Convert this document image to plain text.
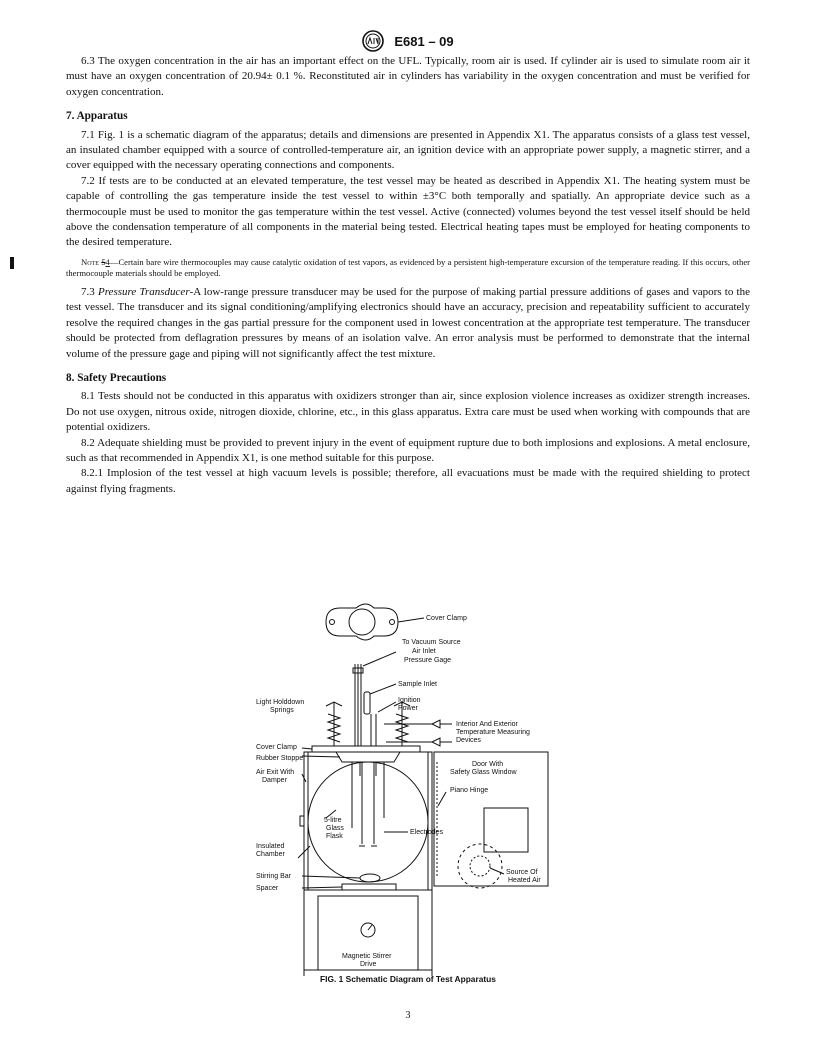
E681 – 09

6.3 The oxygen concentration in the air has an important effect on the UFL. Typically, room air is used. If cylinder air is used to simulate room air it must have an oxygen concentration of 20.94± 0.1 %. Reconstituted air in cylinders has variability in the oxygen concentration and must be verified for oxygen concentration.

7. Apparatus

7.1 Fig. 1 is a schematic diagram of the apparatus; details and dimensions are presented in Appendix X1. The apparatus consists of a glass test vessel, an insulated chamber equipped with a source of controlled-temperature air, an ignition device with an appropriate power supply, a magnetic stirrer, and a cover equipped with the necessary operating connections and components.

7.2 If tests are to be conducted at an elevated temperature, the test vessel may be heated as described in Appendix X1. The heating system must be capable of controlling the gas temperature inside the test vessel to within ±3°C both temporally and spatially. An appropriate device such as a thermocouple must be used to monitor the gas temperature within the test vessel. Active (connected) volumes beyond the test vessel itself should be held above the condensation temperature of all components in the material being tested. Electrical heating tapes must be employed for heating components to the desired temperature.

Note 54—Certain bare wire thermocouples may cause catalytic oxidation of test vapors, as evidenced by a persistent high-temperature excursion of the temperature reading. If this occurs, other thermocouple materials should be employed.

7.3 Pressure Transducer-A low-range pressure transducer may be used for the purpose of making partial pressure additions of gases and vapors to the test vessel. The transducer and its signal conditioning/amplifying electronics should have an accuracy, precision and repeatability sufficient to accurately resolve the required changes in the gas partial pressure for the component used in lowest concentration at the appropriate test temperature. The transducer should be protected from deflagration pressures by means of an isolation valve. An error analysis must be performed to demonstrate that the internal volume of the pressure gage and piping will not significantly affect the test mixture.

8. Safety Precautions

8.1 Tests should not be conducted in this apparatus with oxidizers stronger than air, since explosion violence increases as oxidizer strength increases. Do not use oxygen, nitrous oxide, nitrogen dioxide, chlorine, etc., in this glass apparatus. Extra care must be used when working with compounds that are potential oxidizers.

8.2 Adequate shielding must be provided to prevent injury in the event of equipment rupture due to both implosions and explosions. A metal enclosure, such as that recommended in Appendix X1, is one method suitable for this purpose.

8.2.1 Implosion of the test vessel at high vacuum levels is possible; therefore, all evacuations must be made with the required shielding to protect against flying fragments.

Cover Clamp
To Vacuum Source
Air Inlet
Pressure Gage
Sample Inlet
Ignition
Power
Light Holddown
Springs
Interior And Exterior
Temperature Measuring
Devices
Cover Clamp
Rubber Stopper
Air Exit With
Damper
Door With
Safety Glass Window
Piano Hinge
5-litre
Glass
Flask
Electrodes
Insulated
Chamber
Stirring Bar
Spacer
Source Of
Heated Air
Magnetic Stirrer
Drive
FIG. 1 Schematic Diagram of Test Apparatus
3
